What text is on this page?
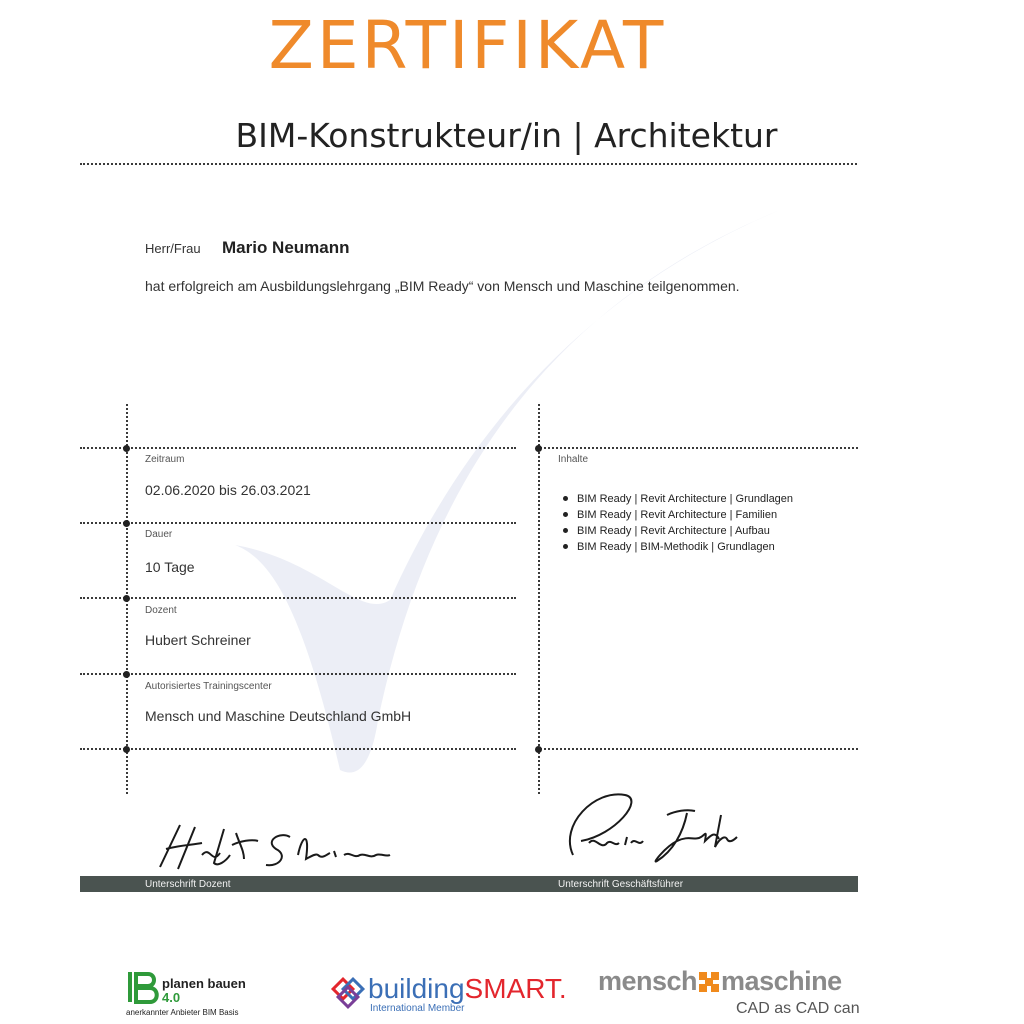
ZERTIFIKAT
BIM-Konstrukteur/in | Architektur
Herr/Frau Mario Neumann
hat erfolgreich am Ausbildungslehrgang „BIM Ready“ von Mensch und Maschine teilgenommen.
Zeitraum
02.06.2020 bis 26.03.2021
Dauer
10 Tage
Dozent
Hubert Schreiner
Autorisiertes Trainingscenter
Mensch und Maschine Deutschland GmbH
Inhalte
BIM Ready | Revit Architecture | Grundlagen
BIM Ready | Revit Architecture | Familien
BIM Ready | Revit Architecture | Aufbau
BIM Ready | BIM-Methodik | Grundlagen
Unterschrift Dozent	Unterschrift Geschäftsführer
planen bauen
4.0
anerkannter Anbieter BIM Basis
buildingSMART.
International Member
mensch maschine
CAD as CAD can
